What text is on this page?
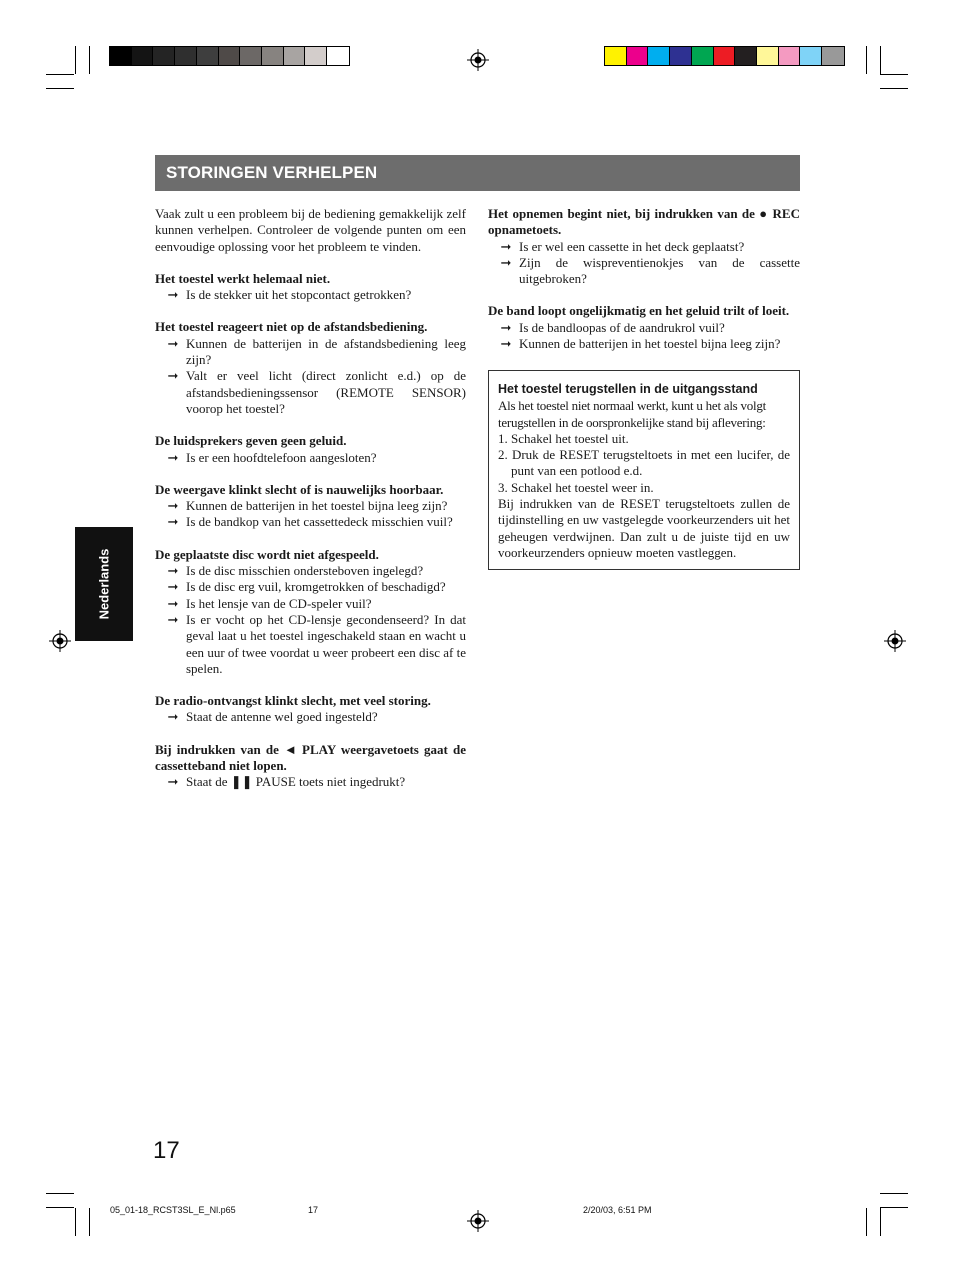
STORINGEN VERHELPEN
Nederlands

Vaak zult u een probleem bij de bediening gemakkelijk zelf kunnen verhelpen. Controleer de volgende punten om een eenvoudige oplossing voor het probleem te vinden.

Het toestel werkt helemaal niet.

➞ Is de stekker uit het stopcontact getrokken?

Het toestel reageert niet op de afstandsbediening.

➞ Kunnen de batterijen in de afstandsbediening leeg zijn?
➞ Valt er veel licht (direct zonlicht e.d.) op de afstandsbedieningssensor (REMOTE SENSOR) voorop het toestel?

De luidsprekers geven geen geluid.

➞ Is er een hoofdtelefoon aangesloten?

De weergave klinkt slecht of is nauwelijks hoorbaar.

➞ Kunnen de batterijen in het toestel bijna leeg zijn?
➞ Is de bandkop van het cassettedeck misschien vuil?

De geplaatste disc wordt niet afgespeeld.

➞ Is de disc misschien ondersteboven ingelegd?
➞ Is de disc erg vuil, kromgetrokken of beschadigd?
➞ Is het lensje van de CD-speler vuil?
➞ Is er vocht op het CD-lensje gecondenseerd? In dat geval laat u het toestel ingeschakeld staan en wacht u een uur of twee voordat u weer probeert een disc af te spelen.

De radio-ontvangst klinkt slecht, met veel storing.

➞ Staat de antenne wel goed ingesteld?

Bij indrukken van de ◄ PLAY weergavetoets gaat de cassetteband niet lopen.

➞ Staat de ❚❚ PAUSE toets niet ingedrukt?

Het opnemen begint niet, bij indrukken van de ● REC opnametoets.

➞ Is er wel een cassette in het deck geplaatst?
➞ Zijn de wispreventienokjes van de cassette uitgebroken?

De band loopt ongelijkmatig en het geluid trilt of loeit.

➞ Is de bandloopas of de aandrukrol vuil?
➞ Kunnen de batterijen in het toestel bijna leeg zijn?
Het toestel terugstellen in de uitgangsstand

Als het toestel niet normaal werkt, kunt u het als volgt terugstellen in de oorspronkelijke stand bij aflevering:

1. Schakel het toestel uit.

2. Druk de RESET terugsteltoets in met een lucifer, de punt van een potlood e.d.

3. Schakel het toestel weer in.

Bij indrukken van de RESET terugsteltoets zullen de tijdinstelling en uw vastgelegde voorkeurzenders uit het geheugen verdwijnen. Dan zult u de juiste tijd en uw voorkeurzenders opnieuw moeten vastleggen.

17
05_01-18_RCST3SL_E_Nl.p65	17	2/20/03, 6:51 PM
